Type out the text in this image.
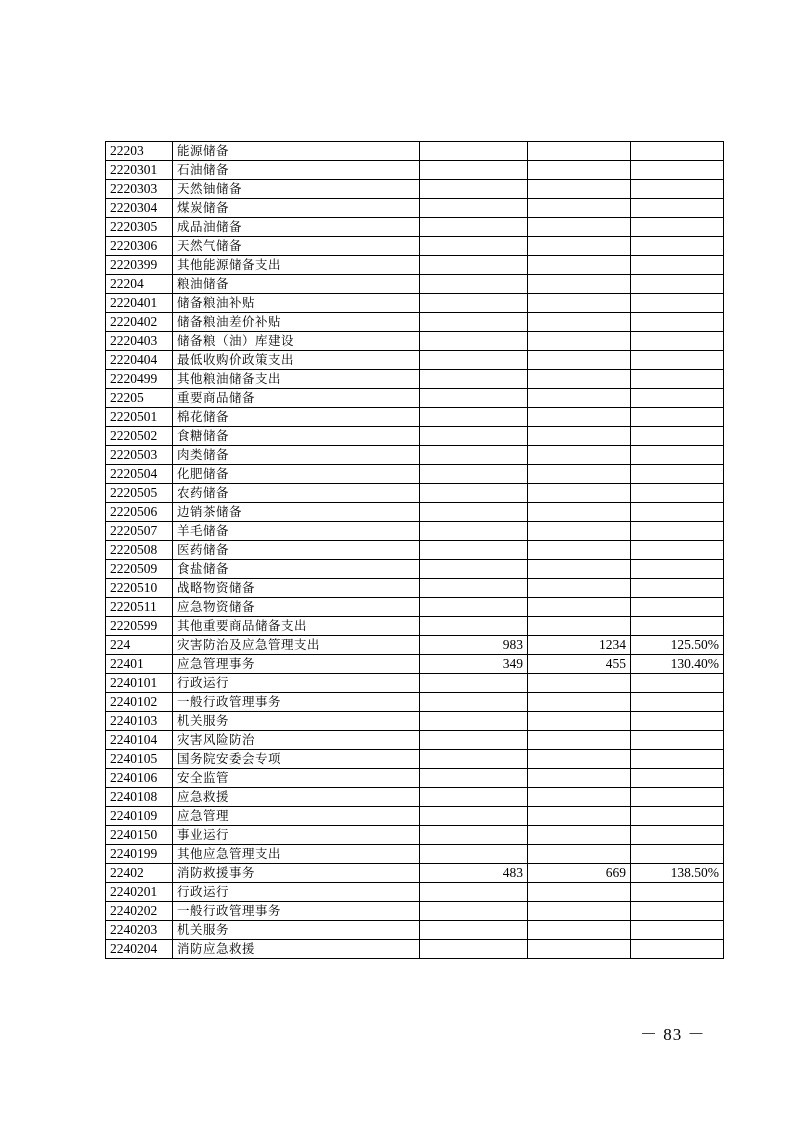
22203	能源储备			
2220301	石油储备			
2220303	天然铀储备			
2220304	煤炭储备			
2220305	成品油储备			
2220306	天然气储备			
2220399	其他能源储备支出			
22204	粮油储备			
2220401	储备粮油补贴			
2220402	储备粮油差价补贴			
2220403	储备粮（油）库建设			
2220404	最低收购价政策支出			
2220499	其他粮油储备支出			
22205	重要商品储备			
2220501	棉花储备			
2220502	食糖储备			
2220503	肉类储备			
2220504	化肥储备			
2220505	农药储备			
2220506	边销茶储备			
2220507	羊毛储备			
2220508	医药储备			
2220509	食盐储备			
2220510	战略物资储备			
2220511	应急物资储备			
2220599	其他重要商品储备支出			
224	灾害防治及应急管理支出	983	1234	125.50%
22401	应急管理事务	349	455	130.40%
2240101	行政运行			
2240102	一般行政管理事务			
2240103	机关服务			
2240104	灾害风险防治			
2240105	国务院安委会专项			
2240106	安全监管			
2240108	应急救援			
2240109	应急管理			
2240150	事业运行			
2240199	其他应急管理支出			
22402	消防救援事务	483	669	138.50%
2240201	行政运行			
2240202	一般行政管理事务			
2240203	机关服务			
2240204	消防应急救援			
－ 83 －
